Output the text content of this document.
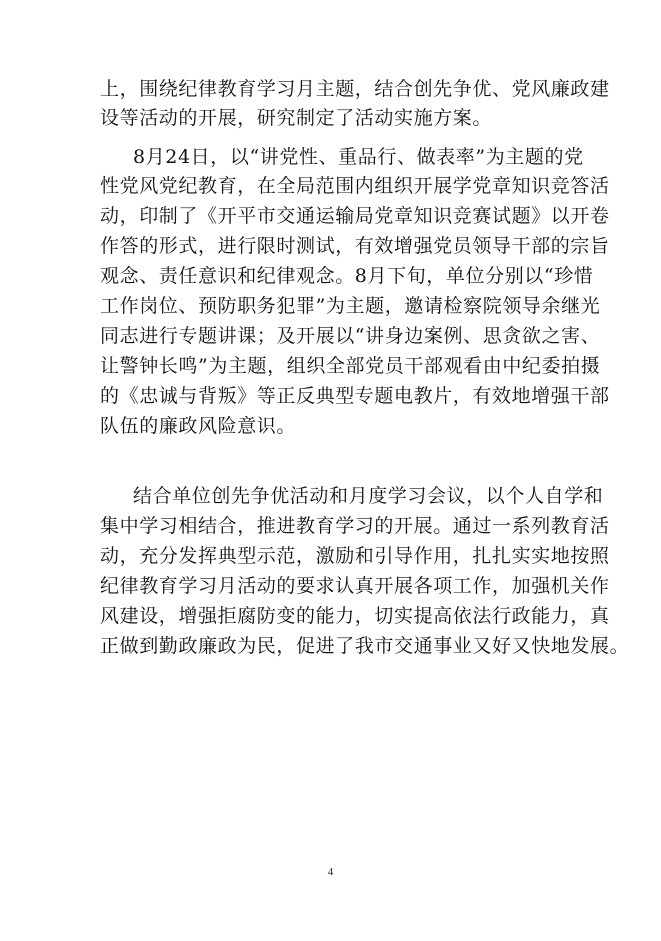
上，围绕纪律教育学习月主题，结合创先争优、党风廉政建
设等活动的开展，研究制定了活动实施方案。
8月24日，以“讲党性、重品行、做表率”为主题的党
性党风党纪教育，在全局范围内组织开展学党章知识竞答活
动，印制了《开平市交通运输局党章知识竞赛试题》以开卷
作答的形式，进行限时测试，有效增强党员领导干部的宗旨
观念、责任意识和纪律观念。8月下旬，单位分别以“珍惜
工作岗位、预防职务犯罪”为主题，邀请检察院领导余继光
同志进行专题讲课；及开展以“讲身边案例、思贪欲之害、
让警钟长鸣”为主题，组织全部党员干部观看由中纪委拍摄
的《忠诚与背叛》等正反典型专题电教片，有效地增强干部
队伍的廉政风险意识。
结合单位创先争优活动和月度学习会议，以个人自学和
集中学习相结合，推进教育学习的开展。通过一系列教育活
动，充分发挥典型示范，激励和引导作用，扎扎实实地按照
纪律教育学习月活动的要求认真开展各项工作，加强机关作
风建设，增强拒腐防变的能力，切实提高依法行政能力，真
正做到勤政廉政为民，促进了我市交通事业又好又快地发展。
4
